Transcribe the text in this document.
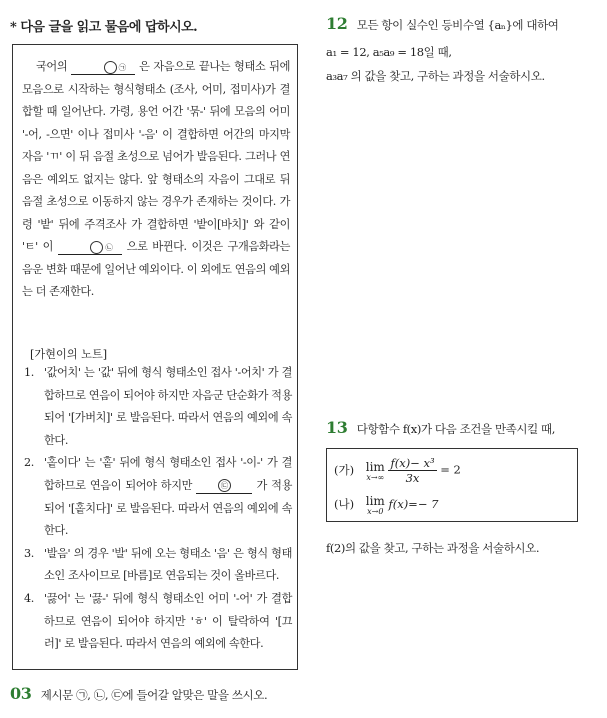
* 다음 글을 읽고 물음에 답하시오.

국어의	㉠ 은 자음으로 끝나는 형태소 뒤에 모음으로 시작하는 형식형태소 (조사, 어미, 접미사)가 결합할 때 일어난다. 가령, 용언 어간 '묶-' 뒤에 모음의 어미 '-어, -으면' 이나 접미사 '-음' 이 결합하면 어간의 마지막 자음 'ㄲ' 이 뒤 음절 초성으로 넘어가 발음된다. 그러나 연음은 예외도 없지는 않다. 앞 형태소의 자음이 그대로 뒤 음절 초성으로 이동하지 않는 경우가 존재하는 것이다. 가령 '밭' 뒤에 주격조사 가 결합하면 '밭이[바치]' 와 같이 'ㅌ' 이	㉡ 으로 바뀐다. 이것은 구개음화라는 음운 변화 때문에 일어난 예외이다. 이 외에도 연음의 예외는 더 존재한다.

[가현이의 노트]
1. '값어치' 는 '값' 뒤에 형식 형태소인 접사 '-어치' 가 결합하므로 연음이 되어야 하지만 자음군 단순화가 적용되어 '[가버치]' 로 발음된다. 따라서 연음의 예외에 속한다.
2. '홑이다' 는 '홑' 뒤에 형식 형태소인 접사 '-이-' 가 결합하므로 연음이 되어야 하지만	㉢	가 적용되어 '[홑치다]' 로 발음된다. 따라서 연음의 예외에 속한다.
3. '발음' 의 경우 '발' 뒤에 오는 형태소 '음' 은 형식 형태소인 조사이므로 [바름]로 연음되는 것이 올바르다.
4. '끓어' 는 '끓-' 뒤에 형식 형태소인 어미 '-어' 가 결합하므로 연음이 되어야 하지만 'ㅎ' 이 탈락하여 '[끄러]' 로 발음된다. 따라서 연음의 예외에 속한다.
03 제시문 ㉠, ㉡, ㉢에 들어갈 알맞은 말을 쓰시오.
12 모든 항이 실수인 등비수열 {aₙ}에 대하여
a₁ = 12, a₅a₉ = 18일 때,
a₃a₇ 의 값을 찾고, 구하는 과정을 서술하시오.
13 다항함수 f(x)가 다음 조건을 만족시킬 때,
(가) lim
x→∞
$\frac{\text{f(x)− x³}}{3x} = 2$
(나) lim
x→0
f(x)=− 7
f(2)의 값을 찾고, 구하는 과정을 서술하시오.
